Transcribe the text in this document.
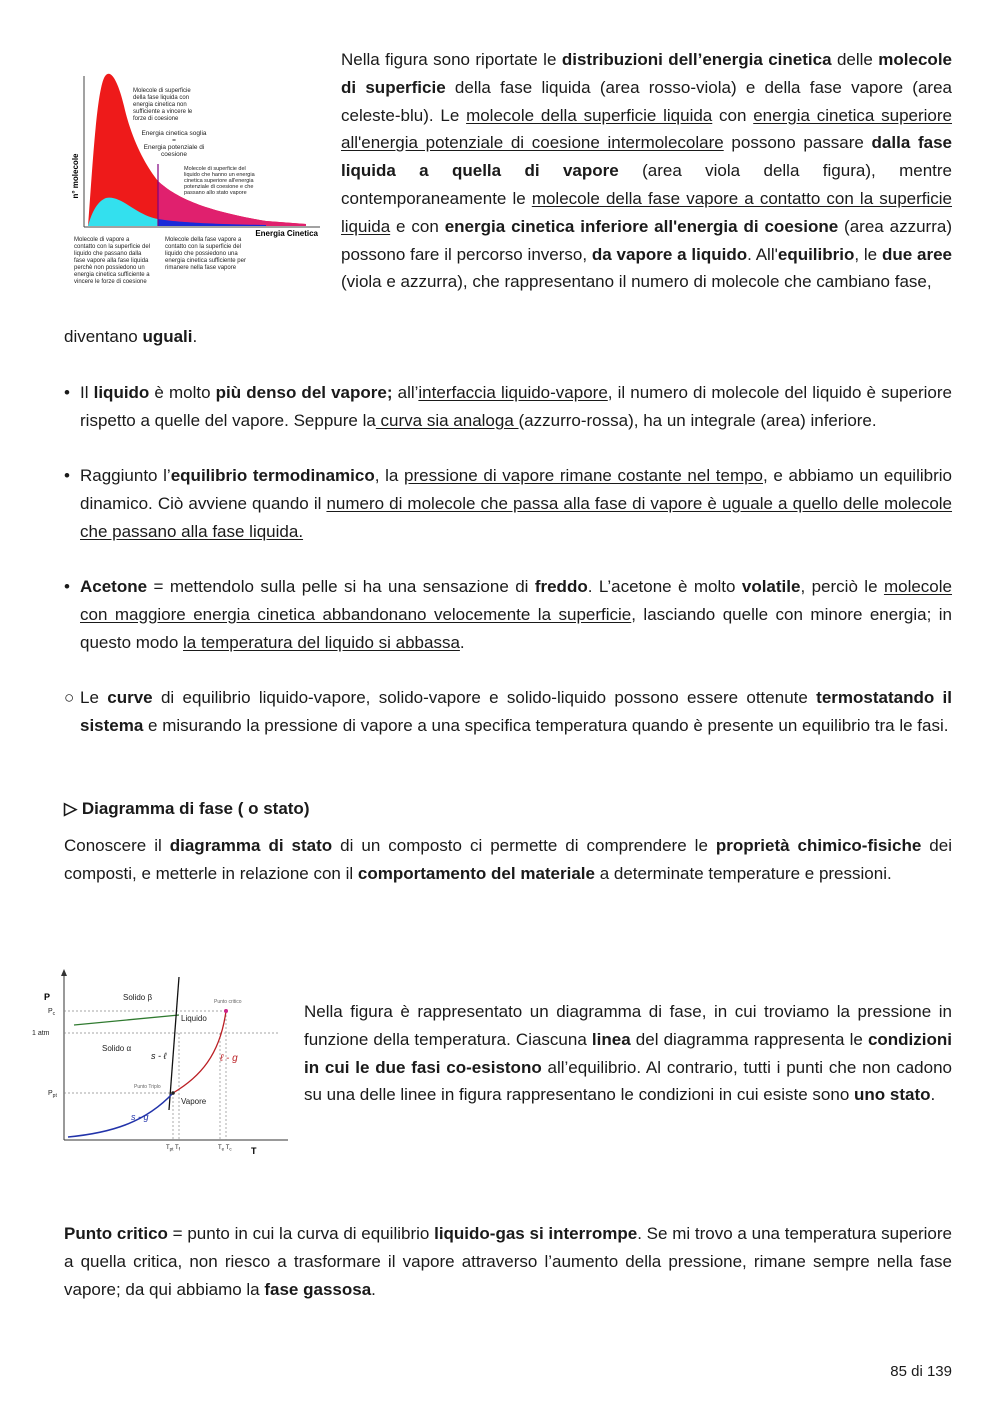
n° molecole
Energia Cinetica
Molecole di superficie
della fase liquida con
energia cinetica non
sufficiente a vincere le
forze di coesione
Energia cinetica soglia
=
Energia potenziale di
coesione
Molecole di superficie del
liquido che hanno un energia
cinetica superiore all'energia
potenziale di coesione e che
passano allo stato vapore
Molecole di vapore a
contatto con la superficie del
liquido che passano dalla
fase vapore alla fase liquida
perchè non possiedono un
energia cinetica sufficiente a
vincere le forze di coesione
Molecole della fase vapore a
contatto con la superficie del
liquido che possiedono una
energia cinetica sufficiente per
rimanere nella fase vapore

Nella figura sono riportate le distribuzioni dell’energia cinetica delle molecole di superficie della fase liquida (area rosso-viola) e della fase vapore (area celeste-blu). Le molecole della superficie liquida con energia cinetica superiore all'energia potenziale di coesione intermolecolare possono passare dalla fase liquida a quella di vapore (area viola della figura), mentre contemporaneamente le molecole della fase vapore a contatto con la superficie liquida e con energia cinetica inferiore all'energia di coesione (area azzurra) possono fare il percorso inverso, da vapore a liquido. All'equilibrio, le due aree (viola e azzurra), che rappresentano il numero di molecole che cambiano fase,

diventano uguali.

• Il liquido è molto più denso del vapore; all’interfaccia liquido-vapore, il numero di molecole del liquido è superiore rispetto a quelle del vapore. Seppure la curva sia analoga (azzurro-rossa), ha un integrale (area) inferiore.

• Raggiunto l’equilibrio termodinamico, la pressione di vapore rimane costante nel tempo, e abbiamo un equilibrio dinamico. Ciò avviene quando il numero di molecole che passa alla fase di vapore è uguale a quello delle molecole che passano alla fase liquida.

• Acetone = mettendolo sulla pelle si ha una sensazione di freddo. L’acetone è molto volatile, perciò le molecole con maggiore energia cinetica abbandonano velocemente la superficie, lasciando quelle con minore energia; in questo modo la temperatura del liquido si abbassa.

○ Le curve di equilibrio liquido-vapore, solido-vapore e solido-liquido possono essere ottenute termostatando il sistema e misurando la pressione di vapore a una specifica temperatura quando è presente un equilibrio tra le fasi.

▷ Diagramma di fase ( o stato)

Conoscere il diagramma di stato di un composto ci permette di comprendere le proprietà chimico-fisiche dei composti, e metterle in relazione con il comportamento del materiale a determinate temperature e pressioni.

P
T
$P_c$
1 atm
$P_{pt}$
Solido β
Solido α
Liquido
Vapore
Punto critico
Punto Triplo
s - ℓ	ℓ - g
s - g
$T_{pt}$ $T_f$	$T_e$ $T_c$

Nella figura è rappresentato un diagramma di fase, in cui troviamo la pressione in funzione della temperatura. Ciascuna linea del diagramma rappresenta le condizioni in cui le due fasi co-esistono all’equilibrio. Al contrario, tutti i punti che non cadono su una delle linee in figura rappresentano le condizioni in cui esiste sono uno stato.

Punto critico = punto in cui la curva di equilibrio liquido-gas si interrompe. Se mi trovo a una temperatura superiore a quella critica, non riesco a trasformare il vapore attraverso l’aumento della pressione, rimane sempre nella fase vapore; da qui abbiamo la fase gassosa.

85 di 139
